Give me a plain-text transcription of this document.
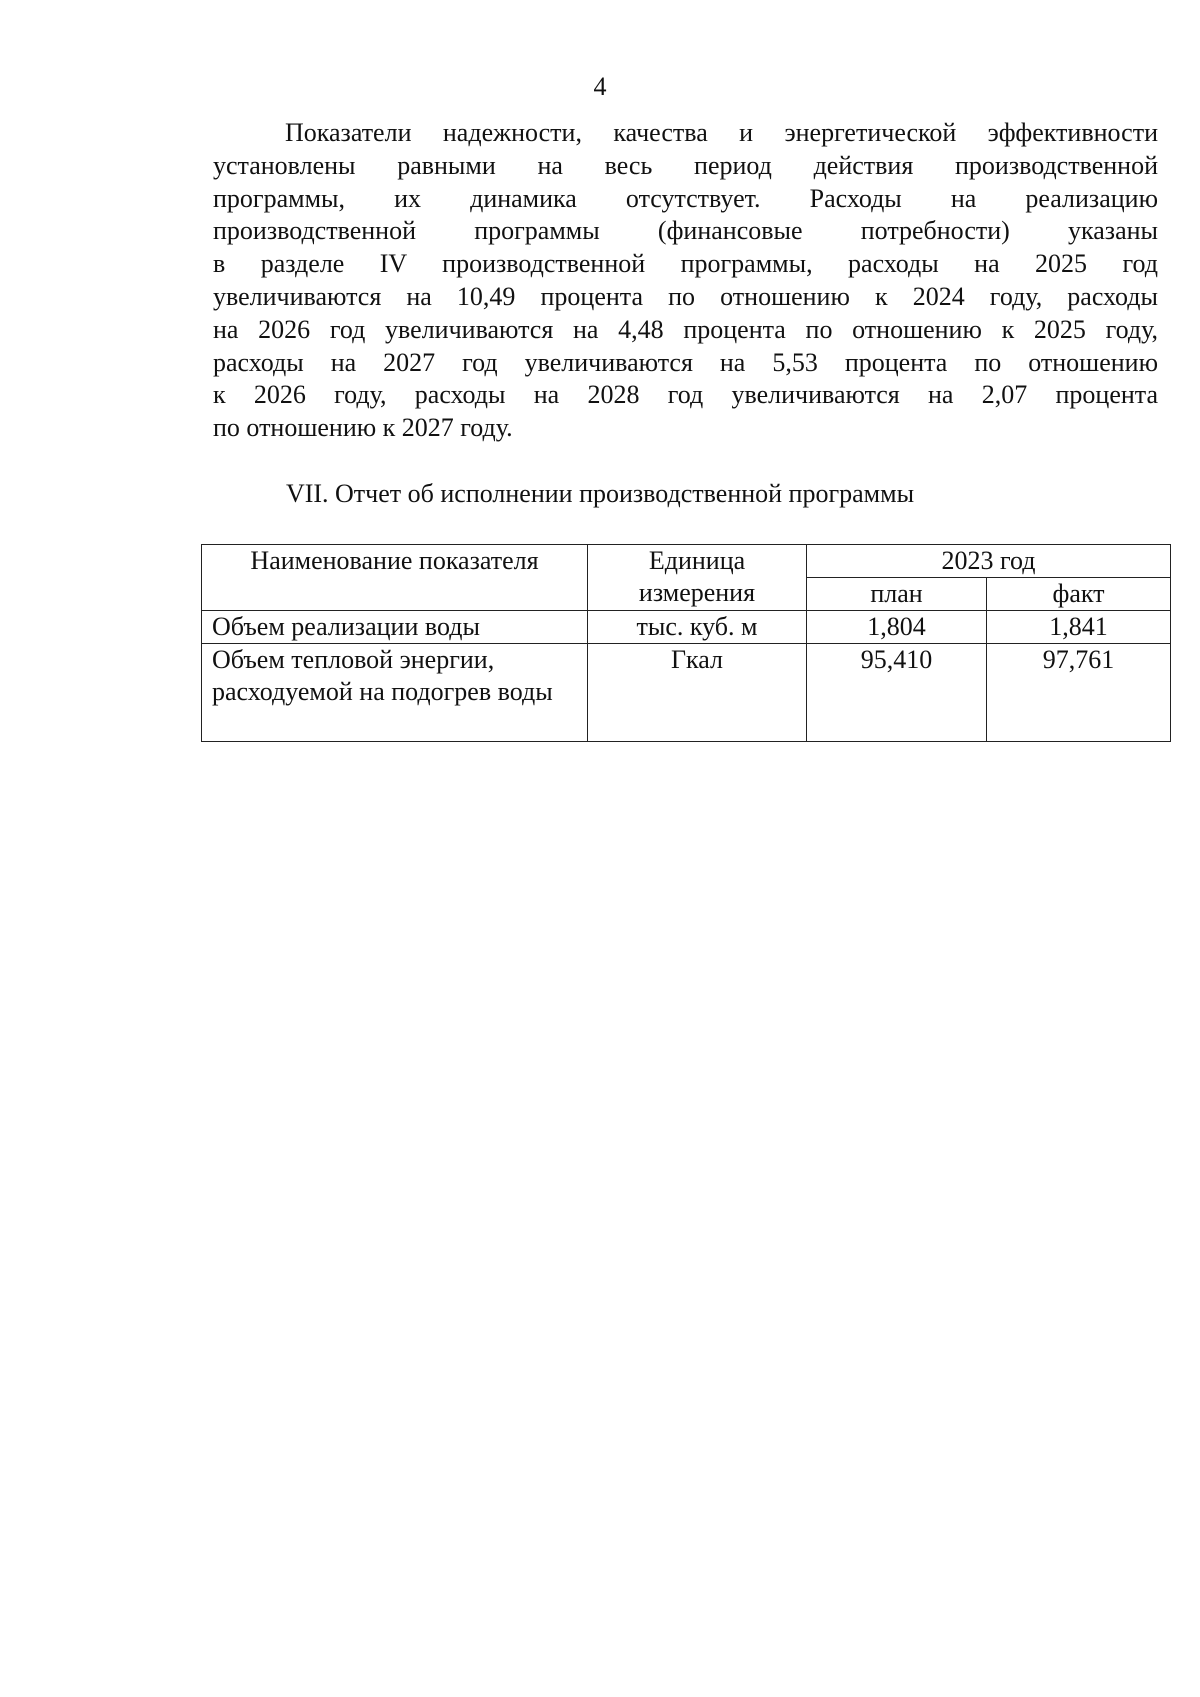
4
Показатели надежности, качества и энергетической эффективности
установлены равными на весь период действия производственной
программы, их динамика отсутствует. Расходы на реализацию
производственной программы (финансовые потребности) указаны
в разделе IV производственной программы, расходы на 2025 год
увеличиваются на 10,49 процента по отношению к 2024 году, расходы
на 2026 год увеличиваются на 4,48 процента по отношению к 2025 году,
расходы на 2027 год увеличиваются на 5,53 процента по отношению
к 2026 году, расходы на 2028 год увеличиваются на 2,07 процента
по отношению к 2027 году.
VII. Отчет об исполнении производственной программы
Наименование показателя	Единица измерения	2023 год	
		план	факт
Объем реализации воды	тыс. куб. м	1,804	1,841
Объем тепловой энергии, расходуемой на подогрев воды	Гкал	95,410	97,761
